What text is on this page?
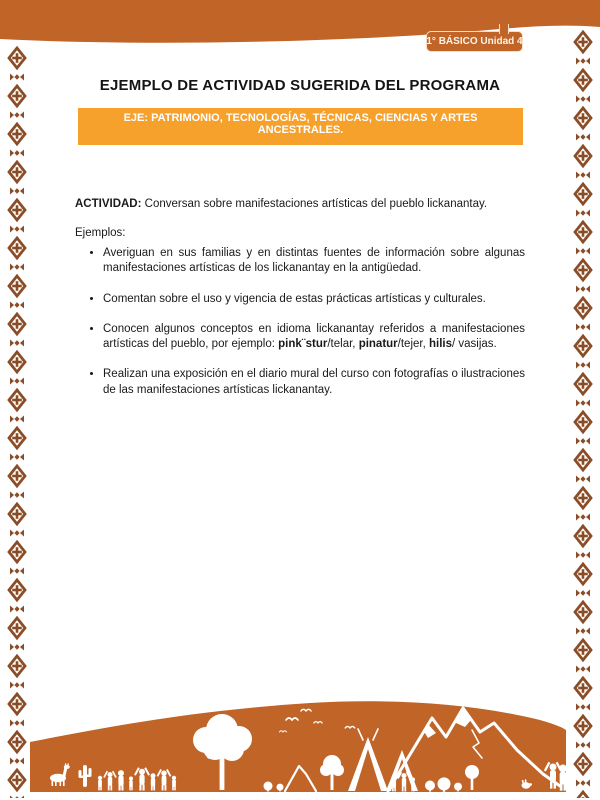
1° BÁSICO Unidad 4
EJEMPLO DE ACTIVIDAD SUGERIDA DEL PROGRAMA
EJE: PATRIMONIO, TECNOLOGÍAS, TÉCNICAS, CIENCIAS Y ARTES ANCESTRALES.

ACTIVIDAD: Conversan sobre manifestaciones artísticas del pueblo lickanantay.

Ejemplos:

• Averiguan en sus familias y en distintas fuentes de información sobre algunas manifestaciones artísticas de los lickanantay en la antigüedad.
• Comentan sobre el uso y vigencia de estas prácticas artísticas y culturales.
• Conocen algunos conceptos en idioma lickanantay referidos a manifestaciones artísticas del pueblo, por ejemplo: pink¨stur/telar, pinatur/tejer, hilis/ vasijas.
• Realizan una exposición en el diario mural del curso con fotografías o ilustraciones de las manifestaciones artísticas lickanantay.
